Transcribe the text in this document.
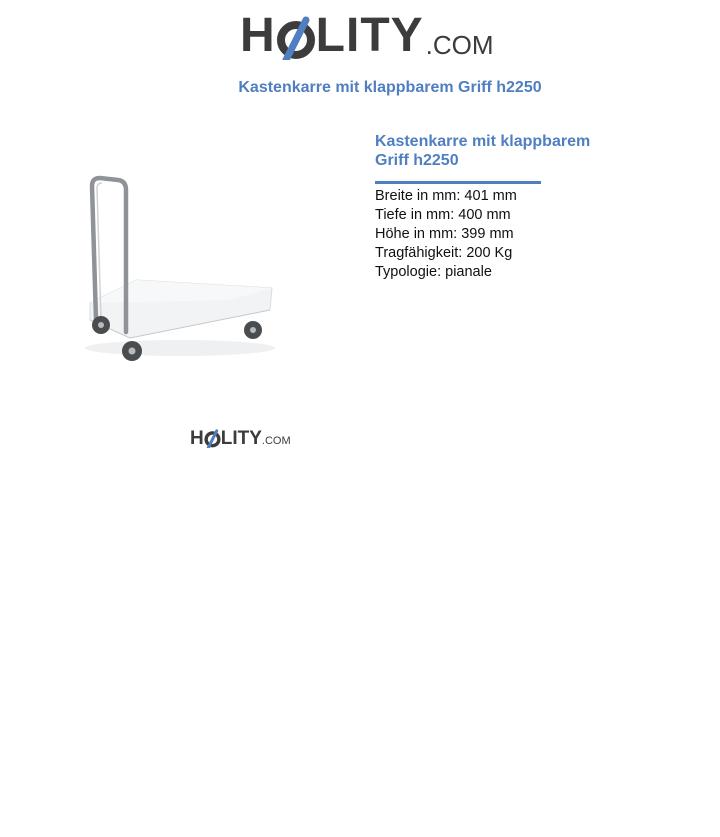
H LITY .COM
Kastenkarre mit klappbarem Griff h2250
H LITY .COM
Kastenkarre mit klappbarem Griff h2250
Breite in mm: 401 mm
Tiefe in mm: 400 mm
Höhe in mm: 399 mm
Tragfähigkeit: 200 Kg
Typologie: pianale
